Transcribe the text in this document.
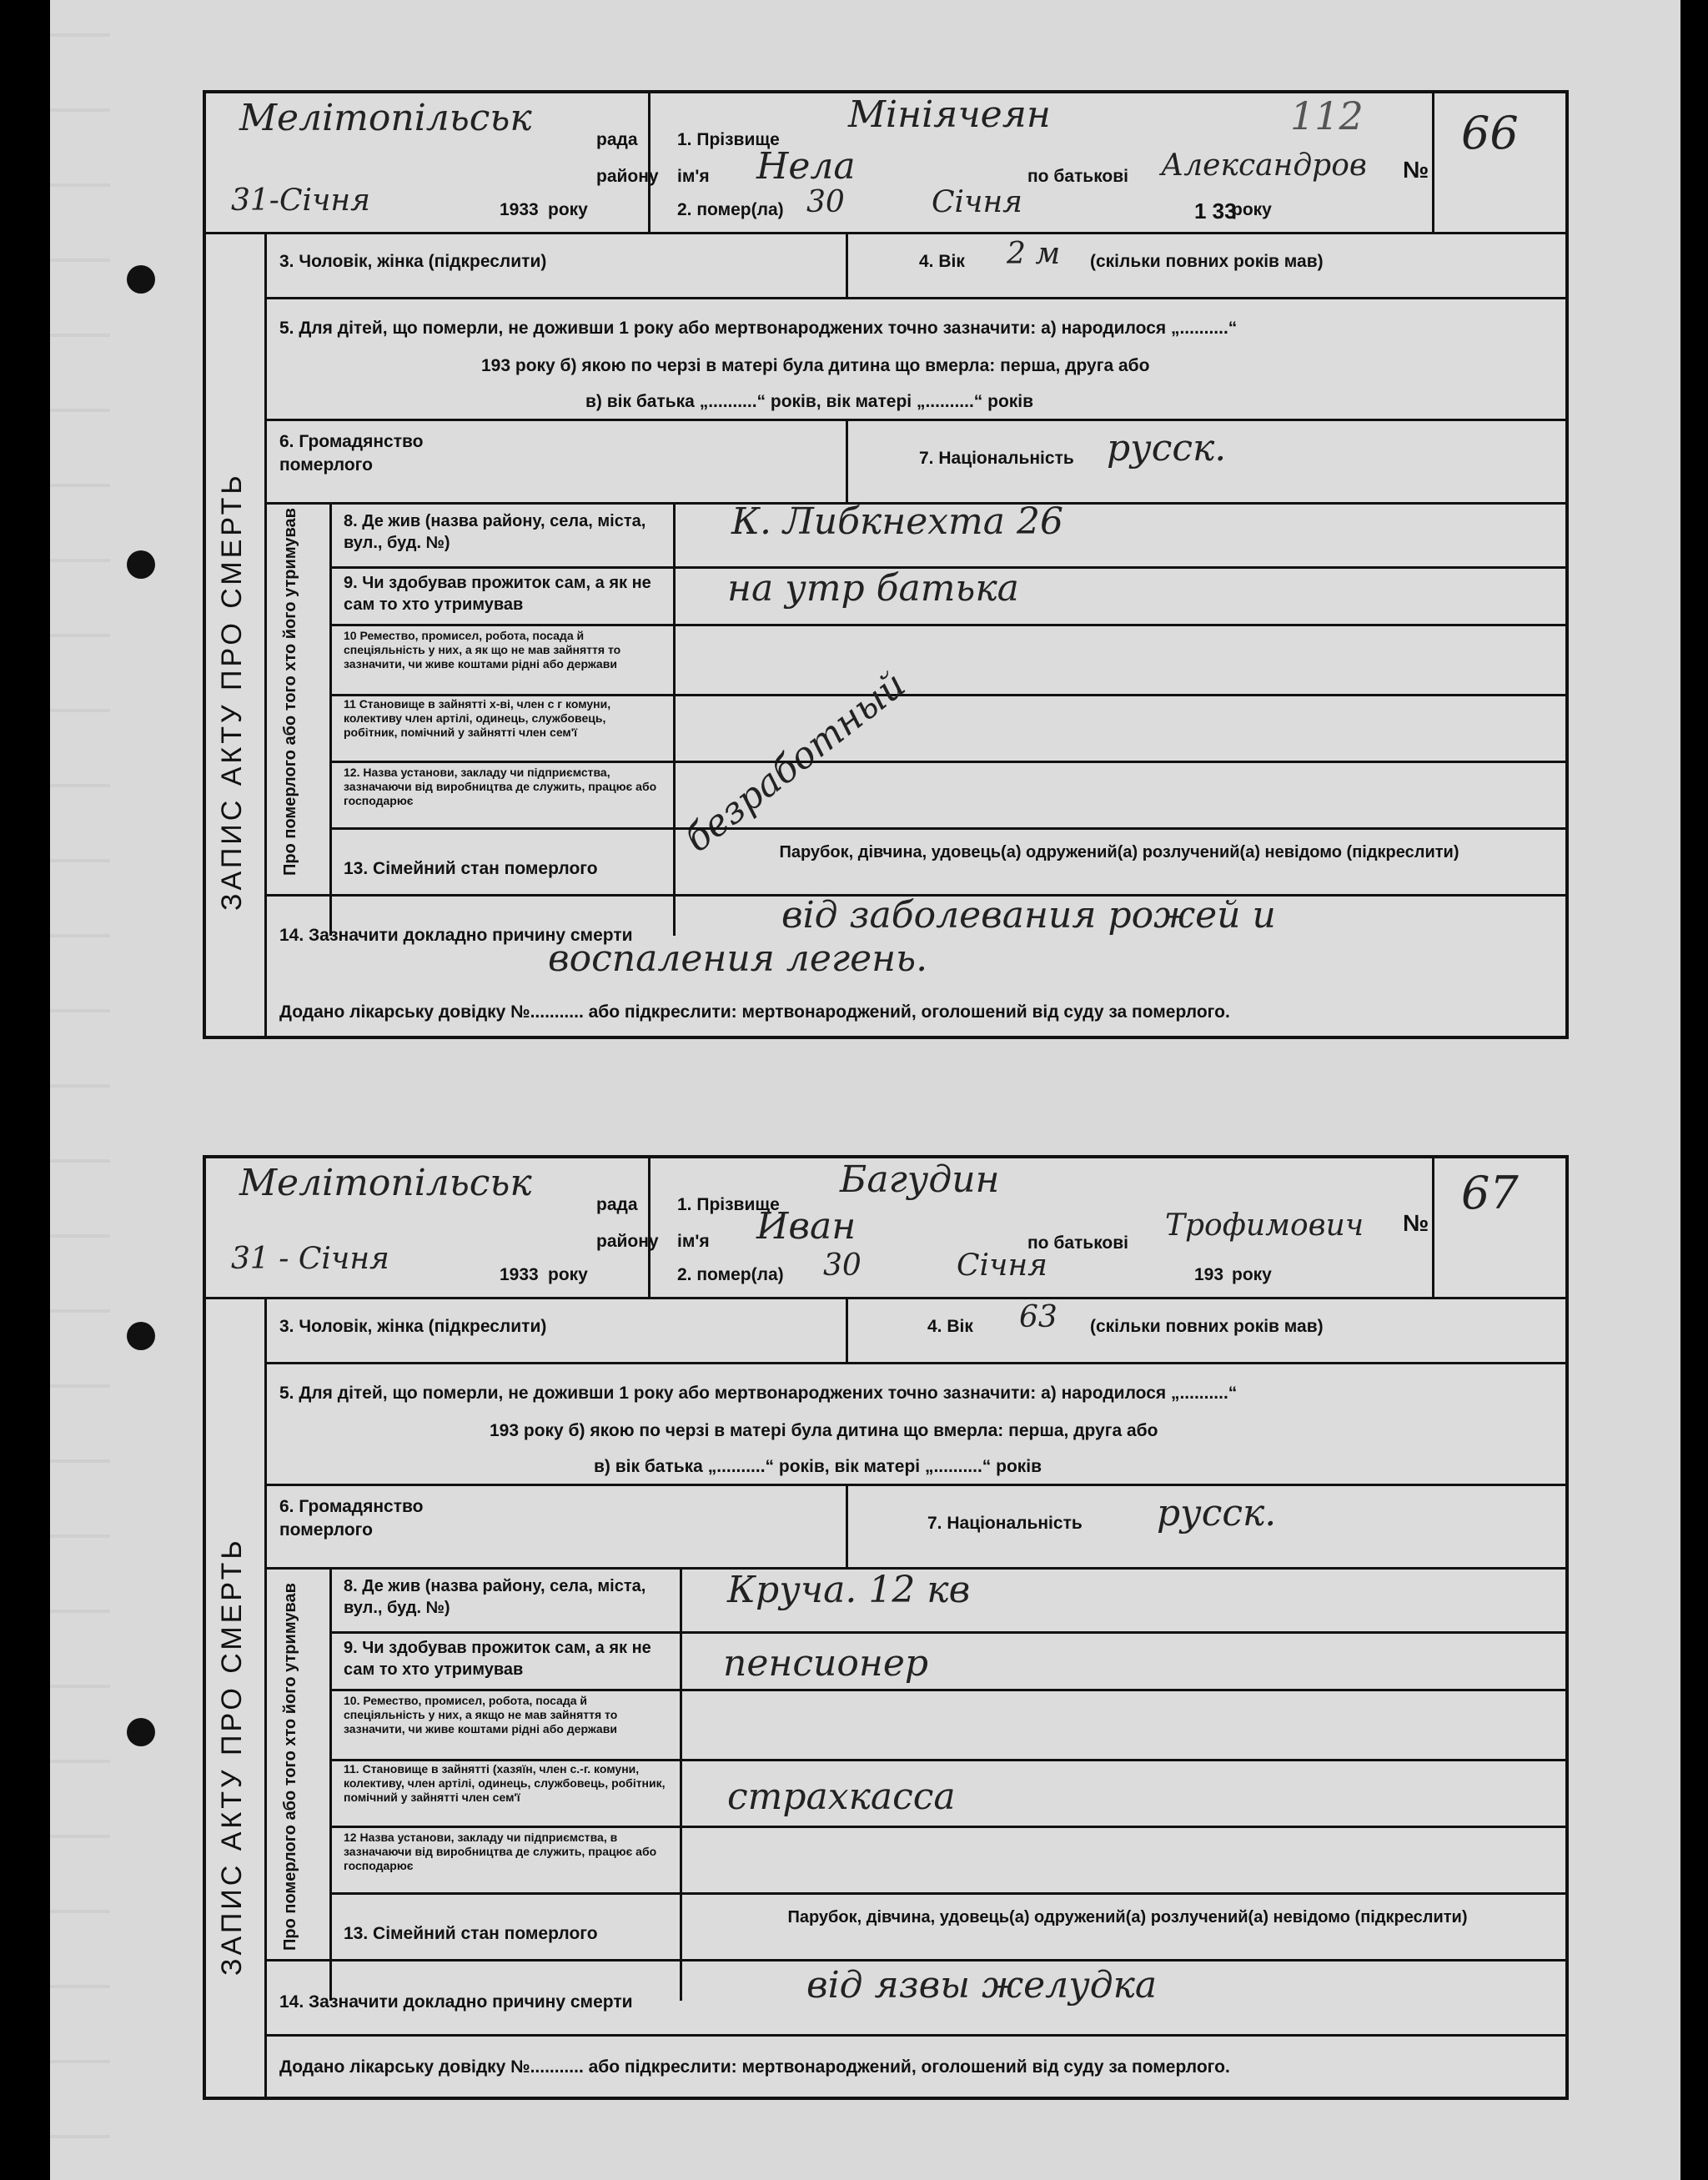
Мелітопільськ
рада
району
31-Січня	1933 року
1. Прізвище
Мініячеян	112
ім'я Нела	по батькові Александров №
66
2. помер(ла) 30	Січня	1 33
року
ЗАПИС АКТУ ПРО СМЕРТЬ
3. Чоловік, жінка (підкреслити)	4. Вік 2 м (скільки повних років мав)
5. Для дітей, що померли, не доживши 1 року або мертвонароджених точно зазначити: а) народилося „..........“
193 року б) якою по черзі в матері була дитина що вмерла: перша, друга або
в) вік батька „..........“ років, вік матері „..........“ років
6. Громадянство
померлого	7. Національність русск.
Про померлого або того хто його утримував	8. Де жив (назва району, села, міста, вул., буд. №)	К. Либкнехта 26
9. Чи здобував прожиток сам, а як не сам то хто утримував	на утр батька
10 Ремество, промисел, робота, посада й спеціяльність у них, а як що не мав зайняття то зазначити, чи живе коштами рідні або держави
11 Становище в зайнятті х-ві, член с г комуни, колективу член артілі, одинець, службовець, робітник, помічний у зайнятті член сем'ї	безработный
12. Назва установи, закладу чи підприємства, зазначаючи від виробництва де служить, працює або господарює
13. Сімейний стан померлого
Парубок, дівчина, удовець(а) одружений(а) розлучений(а) невідомо (підкреслити)
14. Зазначити докладно причину смерти	від заболевания рожей и
воспаления легень.
Додано лікарську довідку №........... або підкреслити: мертвонароджений, оголошений від суду за померлого.
Мелітопільськ
рада
району
31 - Січня	1933 року
1. Прізвище
Багудин
ім'я Иван	по батькові
Трофимович №
67
2. помер(ла) 30	Січня	193 року
ЗАПИС АКТУ ПРО СМЕРТЬ
3. Чоловік, жінка (підкреслити)	4. Вік 63 (скільки повних років мав)
5. Для дітей, що померли, не доживши 1 року або мертвонароджених точно зазначити: а) народилося „..........“
193 року б) якою по черзі в матері була дитина що вмерла: перша, друга або
в) вік батька „..........“ років, вік матері „..........“ років
6. Громадянство
померлого	7. Національність русск.
Про померлого або того хто його утримував	8. Де жив (назва району, села, міста, вул., буд. №)	Круча. 12 кв
9. Чи здобував прожиток сам, а як не сам то хто утримував	пенсионер
10. Ремество, промисел, робота, посада й спеціяльність у них, а якщо не мав зайняття то зазначити, чи живе коштами рідні або держави
11. Становище в зайнятті (хазяїн, член с.-г. комуни, колективу, член артілі, одинець, службовець, робітник, помічний у зайнятті член сем'ї	страхкасса
12 Назва установи, закладу чи підприємства, в зазначаючи від виробництва де служить, працює або господарює
13. Сімейний стан померлого
Парубок, дівчина, удовець(а) одружений(а) розлучений(а) невідомо (підкреслити)
14. Зазначити докладно причину смерти	від язвы желудка
Додано лікарську довідку №........... або підкреслити: мертвонароджений, оголошений від суду за померлого.
